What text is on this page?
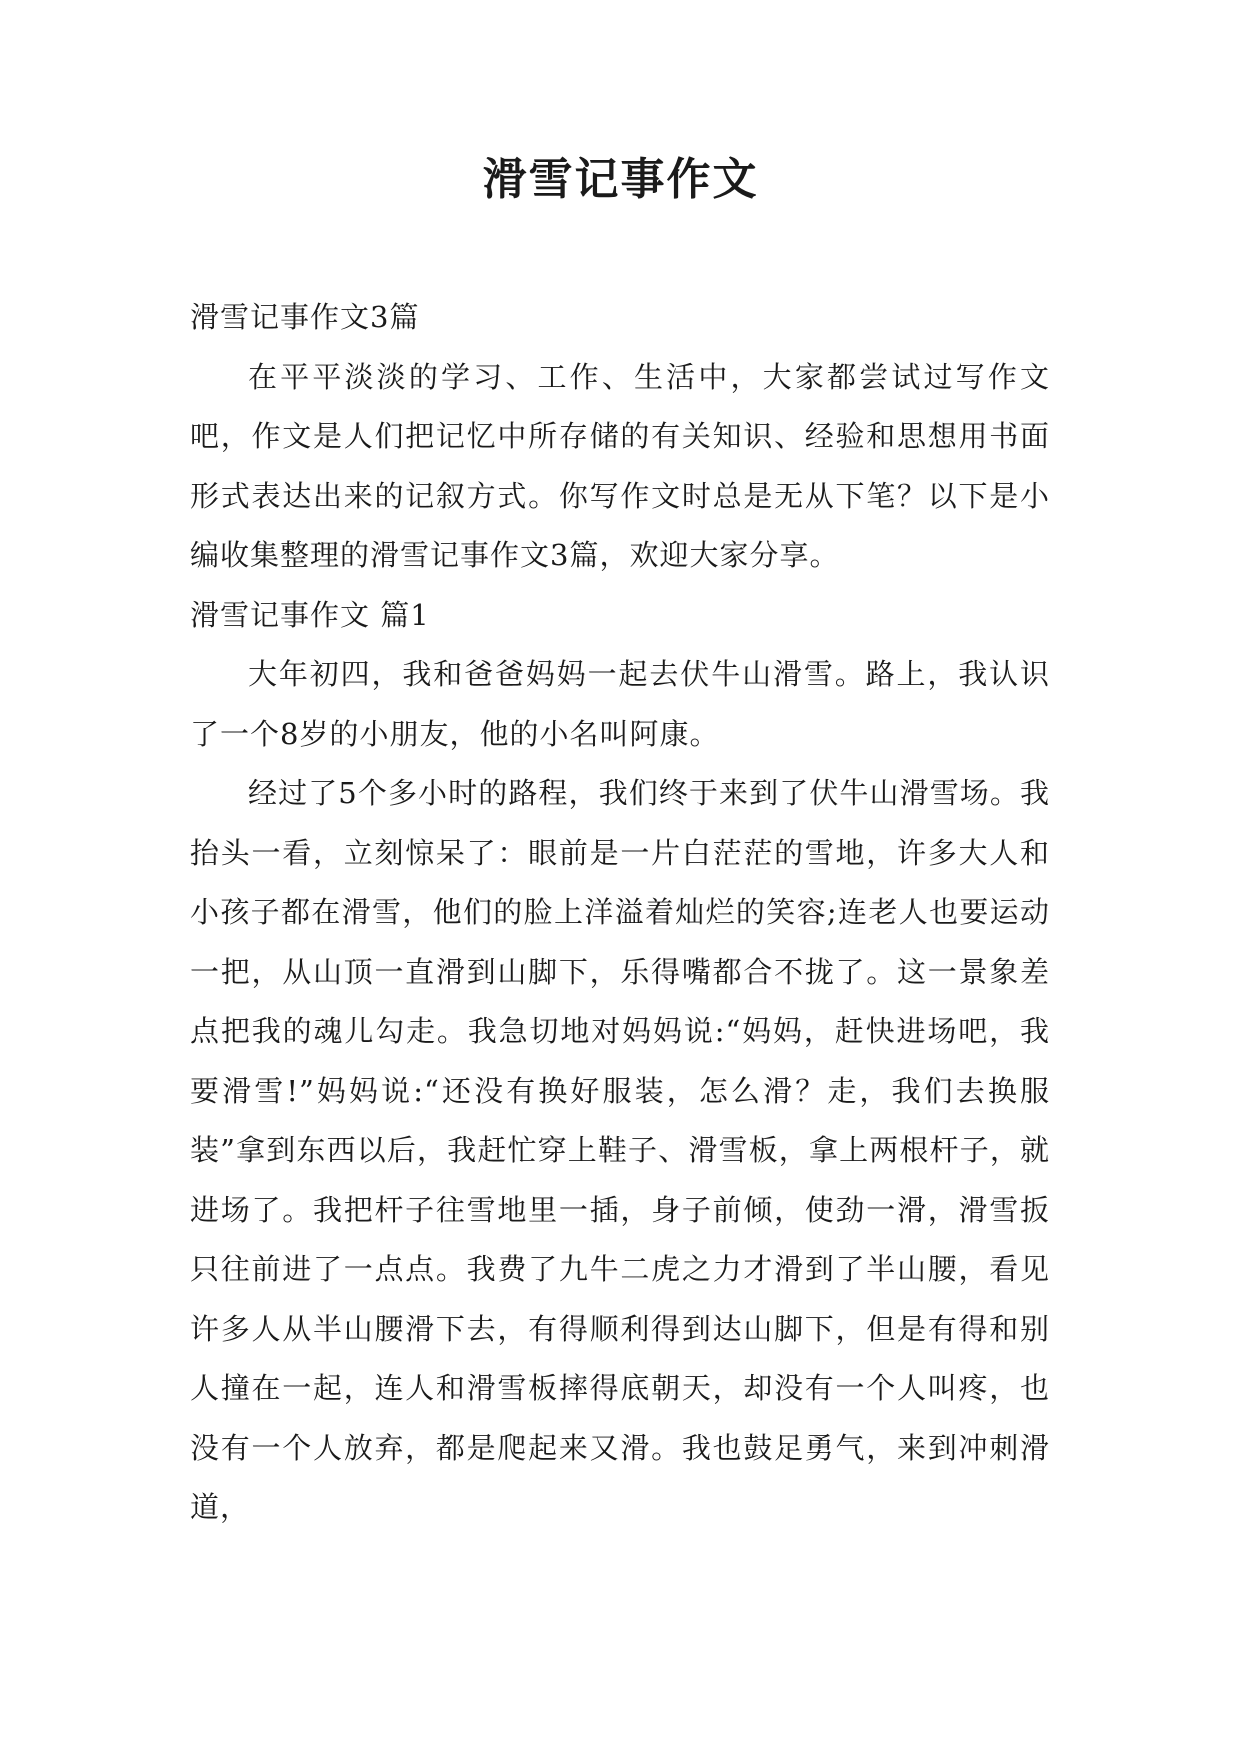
滑雪记事作文

滑雪记事作文3篇

在平平淡淡的学习、工作、生活中，大家都尝试过写作文吧，作文是人们把记忆中所存储的有关知识、经验和思想用书面形式表达出来的记叙方式。你写作文时总是无从下笔？以下是小编收集整理的滑雪记事作文3篇，欢迎大家分享。

滑雪记事作文 篇1

大年初四，我和爸爸妈妈一起去伏牛山滑雪。路上，我认识了一个8岁的小朋友，他的小名叫阿康。

经过了5个多小时的路程，我们终于来到了伏牛山滑雪场。我抬头一看，立刻惊呆了：眼前是一片白茫茫的雪地，许多大人和小孩子都在滑雪，他们的脸上洋溢着灿烂的笑容;连老人也要运动一把，从山顶一直滑到山脚下，乐得嘴都合不拢了。这一景象差点把我的魂儿勾走。我急切地对妈妈说:“妈妈，赶快进场吧，我要滑雪!”妈妈说:“还没有换好服装，怎么滑？走，我们去换服装”拿到东西以后，我赶忙穿上鞋子、滑雪板，拿上两根杆子，就进场了。我把杆子往雪地里一插，身子前倾，使劲一滑，滑雪扳只往前进了一点点。我费了九牛二虎之力才滑到了半山腰，看见许多人从半山腰滑下去，有得顺利得到达山脚下，但是有得和别人撞在一起，连人和滑雪板摔得底朝天，却没有一个人叫疼，也没有一个人放弃，都是爬起来又滑。我也鼓足勇气，来到冲刺滑道，
